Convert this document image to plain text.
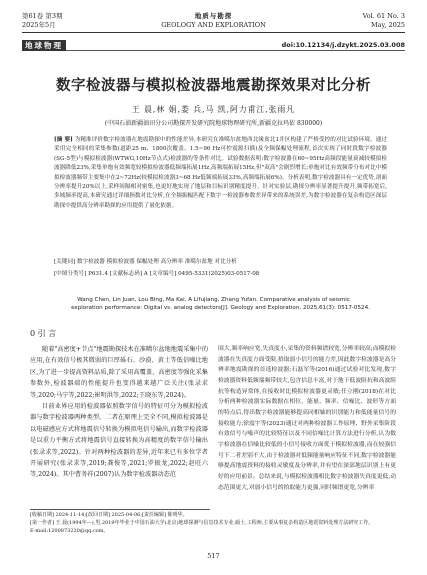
第61卷 第3期
2025年5月
地质与勘探
GEOLOGY AND EXPLORATION
Vol. 61 No. 3
May, 2025
地球物理	doi:10.12134/j.dzykt.2025.03.008
数字检波器与模拟检波器地震勘探效果对比分析
王 晨,林 娟,娄 兵,马 凯,阿力甫江,张雨凡
(中国石油新疆油田分公司勘探开发研究院地球物理研究所,新疆克拉玛依 830000)
[摘 要] 为精准评价数字检波器在地震勘探中的性能差异,本研究在准噶尔盆地西北缘盆北1井区构建了严格受控的对比试验环境。通过采用完全相同的采集参数(道距25 m、1800次覆盖、1.5~96 Hz可控震源扫描)及全频保幅处理流程,首次实现了同时段数字检波器(SG-5型)与模拟检波器(WTWG,10Hz节点式)检波器的等条件对比。试验数据表明:数字检波器在60~95Hz高频段能量衰减较模拟检波器降低23%,采集单炮有效频宽较模拟检波器低频端拓展1Hz,高频端拓展15Hz,但"双高"会剧烈增长;单炮对比有效频带分布对比中模拟检波器频带主要集中在2~72Hz(较模拟检波器3~68 Hz低频端拓展33%,高频端拓展6%)。分析表明,数字检波器具有一定优势,剖面分辨率提升20%以上,采样间隔相对密集,也更好地实现了地层和目标识别精度提升。针对实验层,勘探分辨率显著提升提升,频带拓宽后,多域频率提高,本研究通过详细指数对比分析,在全频振幅匹配下数字一检波器参数差异带来的系统误差,为数字检波器在复杂构造区深层勘探中提供高分辨率勘探的应用提供了量化依据。
[关键词] 数字检波器 模拟检波器 保幅处理 高分辨率 准噶尔盆地 对比分析
[中图分类号] P631.4 [文献标志码] A [文章编号] 0495-5331(2025)03-0517-08
Wang Chen, Lin Juan, Lou Bing, Ma Kai, A Lifujiang, Zhang Yufan. Comparative analysis of seismic
exploration performance: Digital vs. analog detectors[J]. Geology and Exploration, 2025,61(3): 0517-0524.
0 引 言

随着"高密度+节点"地震勘探技术在准噶尔盆地地震采集中的应用,在有效信号极其微弱的巨厚砾石、沙漠、黄土等低信噪比地区,为了进一步提高资料品质,除了采用高覆盖、高密度等强化采集参数外,检波器端的性能提升也变得越来越广泛关注(张录求等,2020;马宁等,2022;崔明洪等,2022;王晓东等,2024)。

目前业界应用的检波器依照数字信号的特征可分为模拟检波器与数字检波器两种类型。二者在原理上完全不同,模拟检波器是以电磁感应方式将地震信号转换为模拟电信号输出,而数字检波器是以重力平衡方式将地震信号直接转换为高精度的数字信号输出(张录求等,2022)。针对两种检波器的差异,近年来已有多位学者开展研究(张录求等,2019;龚俊等,2021;罗振龙,2022;赵旺六等,2024)。其中曹务祥(2007)认为数字检波器动态范

围大,频率响应宽,失真度小,采集的资料频谱较宽,分辨率较高;而模拟检波器在失真度方面受限,拾取弱小信号的能力差,因此数字检波器是高分辨率地震勘探的首选检波器;石磊军等(2016)通过试验对比发现,数字检波器资料低频端频带较大,包含信息丰富,对于地下低波阻抗和高波阻抗等构造异常体,在接收时比模拟检波器更灵敏;任立刚(2018)在对比分析两种检波器实际数据在相位、能量、频率、信噪比、波形等方面的特点后,得出数字检波器能够提高同相轴的识别能力和低能量信号的接收能力;徐震宇等(2023)通过对两种检波器工作原理、野外采集阶段有效信号与噪声的比较特征以及不同信噪比计算方法进行分析,认为数字检波器在信噪比较低的小信号接收方面优于模拟检波器,而在较强信号下二者差别不大,由于检波器对低频能量响应特征不同,数字检波器能够提高地震资料的接收灵敏度及分辨率,并有望在深部地层识别上有更好的应用前景。总结来说,与模拟检波器相比数字检波器失真度更低,动态范围更大,对弱小信号的拾取能力更强,同时频谱更宽,分辨率

[收稿日期] 2024-11-14;[改回日期] 2025-04-06;[责任编辑] 陈明华。
[第一作者] 王 晨(1994年—),男,2019年毕业于中国石油大学(北京)地球探测与信息技术专业,硕士,工程师,主要从事复杂构造区地震资料处理方法研究工作。
E-mail:1200873220@qq.com。
517
